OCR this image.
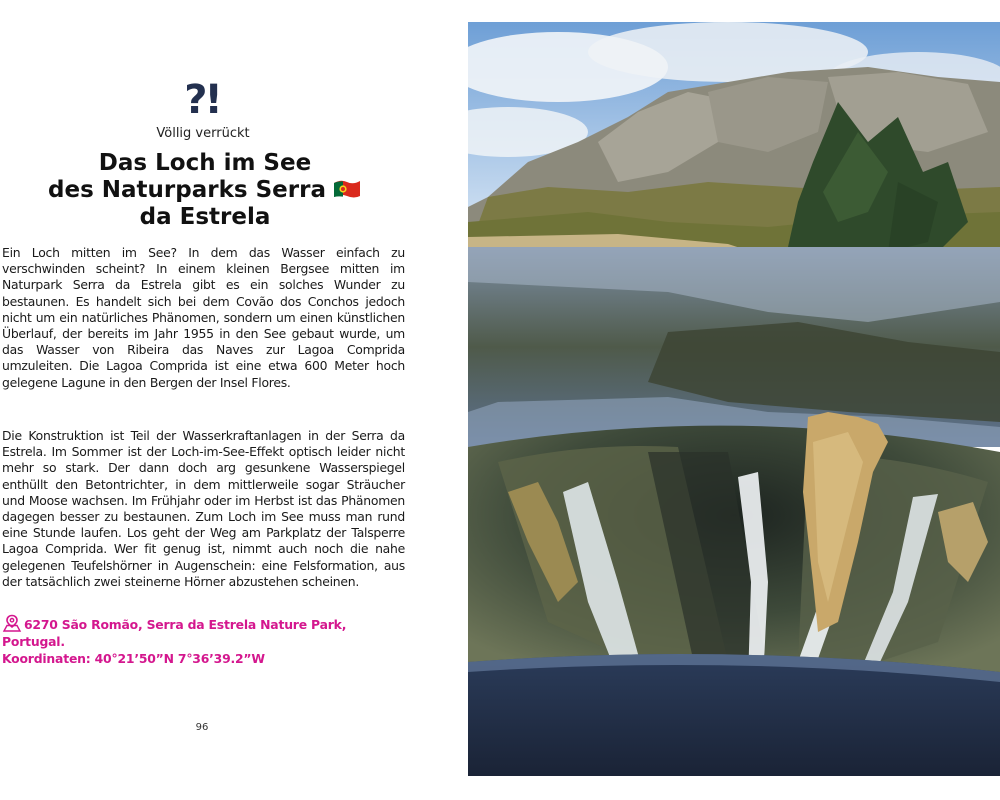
?!
Völlig verrückt
Das Loch im See
des Naturparks Serra
da Estrela

Ein Loch mitten im See? In dem das Wasser einfach zu verschwinden scheint? In einem kleinen Bergsee mitten im Naturpark Serra da Estrela gibt es ein solches Wunder zu bestaunen. Es handelt sich bei dem Covão dos Conchos jedoch nicht um ein natürliches Phänomen, sondern um einen künstlichen Überlauf, der bereits im Jahr 1955 in den See gebaut wurde, um das Wasser von Ribeira das Naves zur Lagoa Comprida umzuleiten. Die Lagoa Comprida ist eine etwa 600 Meter hoch gelegene Lagune in den Bergen der Insel Flores.

Die Konstruktion ist Teil der Wasserkraftanlagen in der Serra da Estrela. Im Sommer ist der Loch-im-See-Effekt optisch leider nicht mehr so stark. Der dann doch arg gesunkene Wasserspiegel enthüllt den Betontrichter, in dem mittlerweile sogar Sträucher und Moose wachsen. Im Frühjahr oder im Herbst ist das Phänomen dagegen besser zu bestaunen. Zum Loch im See muss man rund eine Stunde laufen. Los geht der Weg am Parkplatz der Talsperre Lagoa Comprida. Wer fit genug ist, nimmt auch noch die nahe gelegenen Teufelshörner in Augenschein: eine Felsformation, aus der tatsächlich zwei steinerne Hörner abzustehen scheinen.

6270 São Romão, Serra da Estrela Nature Park, Portugal.
Koordinaten: 40°21’50”N 7°36’39.2”W
96
